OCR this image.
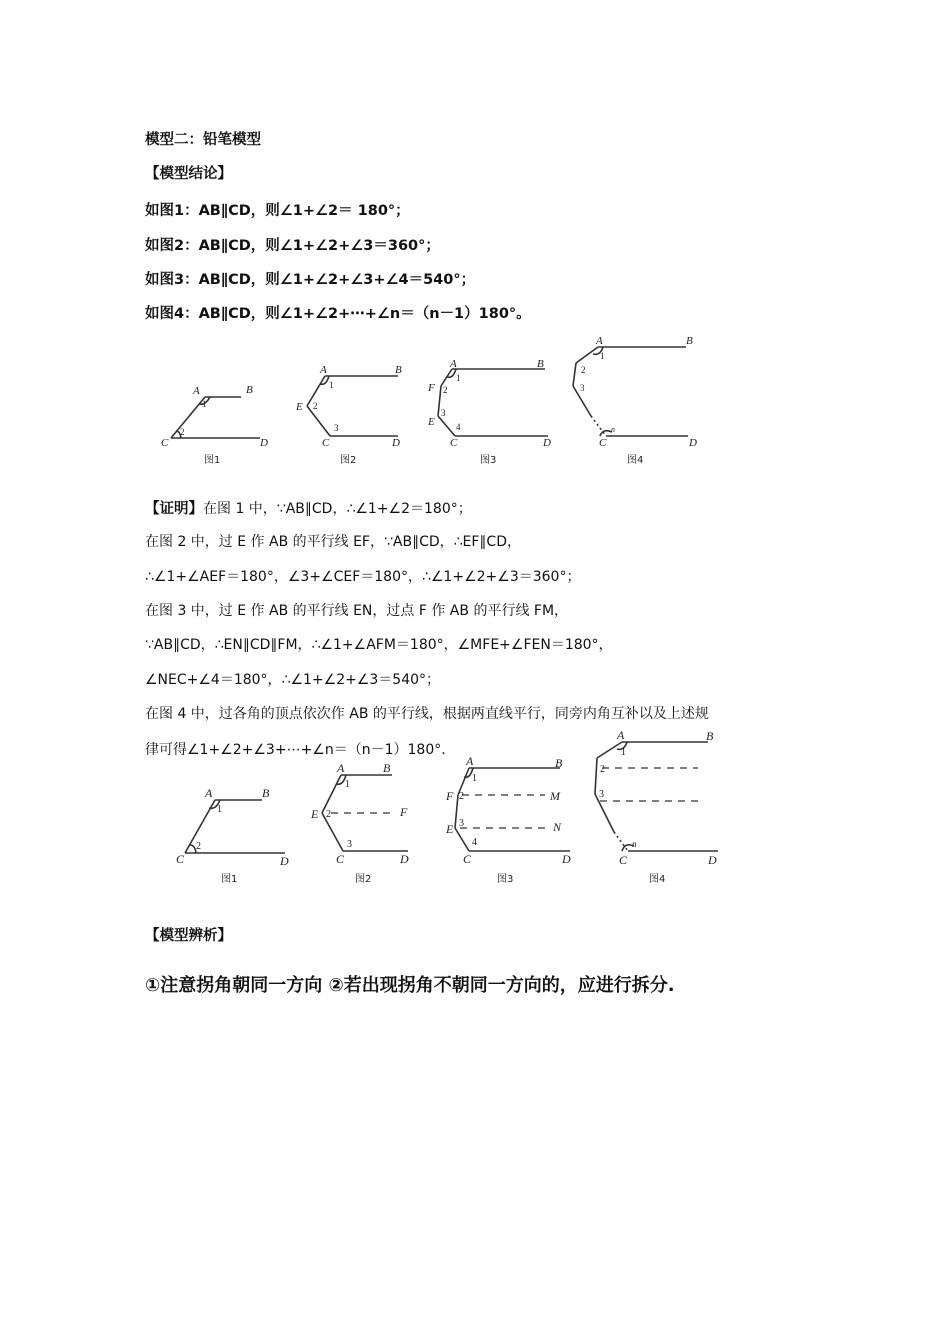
模型二：铅笔模型
【模型结论】
如图1：AB∥CD，则∠1+∠2＝ 180°；
如图2：AB∥CD，则∠1+∠2+∠3＝360°；
如图3：AB∥CD，则∠1+∠2+∠3+∠4＝540°；
如图4：AB∥CD，则∠1+∠2+⋯+∠n＝（n－1）180°。
A	B
C	D
1
2
图1
A	B
E
C	D
1
2
3
图2
A	B
F
E
C	D
1
2
3
4
图3
A	B
C	D
n
1
2
3
图4
【证明】在图 1 中，∵AB∥CD，∴∠1+∠2＝180°；
在图 2 中，过 E 作 AB 的平行线 EF，∵AB∥CD，∴EF∥CD，
∴∠1+∠AEF＝180°，∠3+∠CEF＝180°，∴∠1+∠2+∠3＝360°；
在图 3 中，过 E 作 AB 的平行线 EN，过点 F 作 AB 的平行线 FM，
∵AB∥CD，∴EN∥CD∥FM，∴∠1+∠AFM＝180°，∠MFE+∠FEN＝180°，
∠NEC+∠4＝180°，∴∠1+∠2+∠3＝540°；
在图 4 中，过各角的顶点依次作 AB 的平行线，根据两直线平行，同旁内角互补以及上述规
律可得∠1+∠2+∠3+⋯+∠n＝（n－1）180°.
A	B
C	D
1
2
图1
A	B
E	F
C	D
1
2
3
图2
A	B
F	M
E	N
C	D
1
2
3
4
图3
A	B
C	D
n
1
2
3
图4
【模型辨析】
①注意拐角朝同一方向 ②若出现拐角不朝同一方向的，应进行拆分.
